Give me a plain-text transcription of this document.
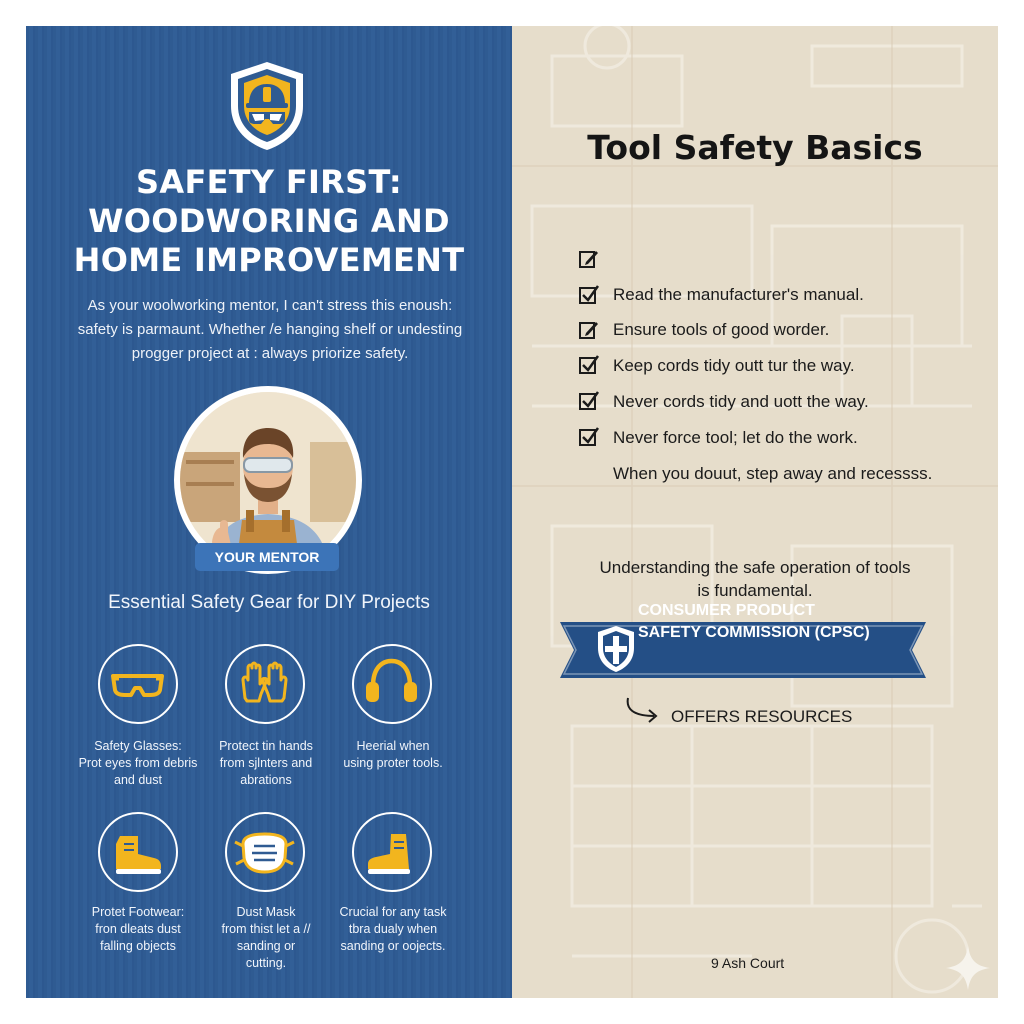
SAFETY FIRST:
WOODWORING AND
HOME IMPROVEMENT
As your woolworking mentor, I can't stress this enoush:
safety is parmaunt. Whether /e hanging shelf or undesting
progger project at : always priorize safety.
YOUR MENTOR
Essential Safety Gear for DIY Projects
Safety Glasses:
Prot eyes from debris
and dust
Protect tin hands
from sjlnters and
abrations
Heerial when
using proter tools.
Protet Footwear:
fron dleats dust
falling objects
Dust Mask
from thist let a //
sanding or
cutting.
Crucial for any task
tbra dualy when
sanding or oojects.
Tool Safety Basics
Understanding the safe operation of tools
is fundamental.
Read the manufacturer's manual.
Ensure tools of good worder.
Keep cords tidy outt tur the way.
Never cords tidy and uott the way.
Never force tool; let do the work.
When you douut, step away and recessss.
CONSUMER PRODUCT
SAFETY COMMISSION (CPSC)
OFFERS RESOURCES
9 Ash Court
